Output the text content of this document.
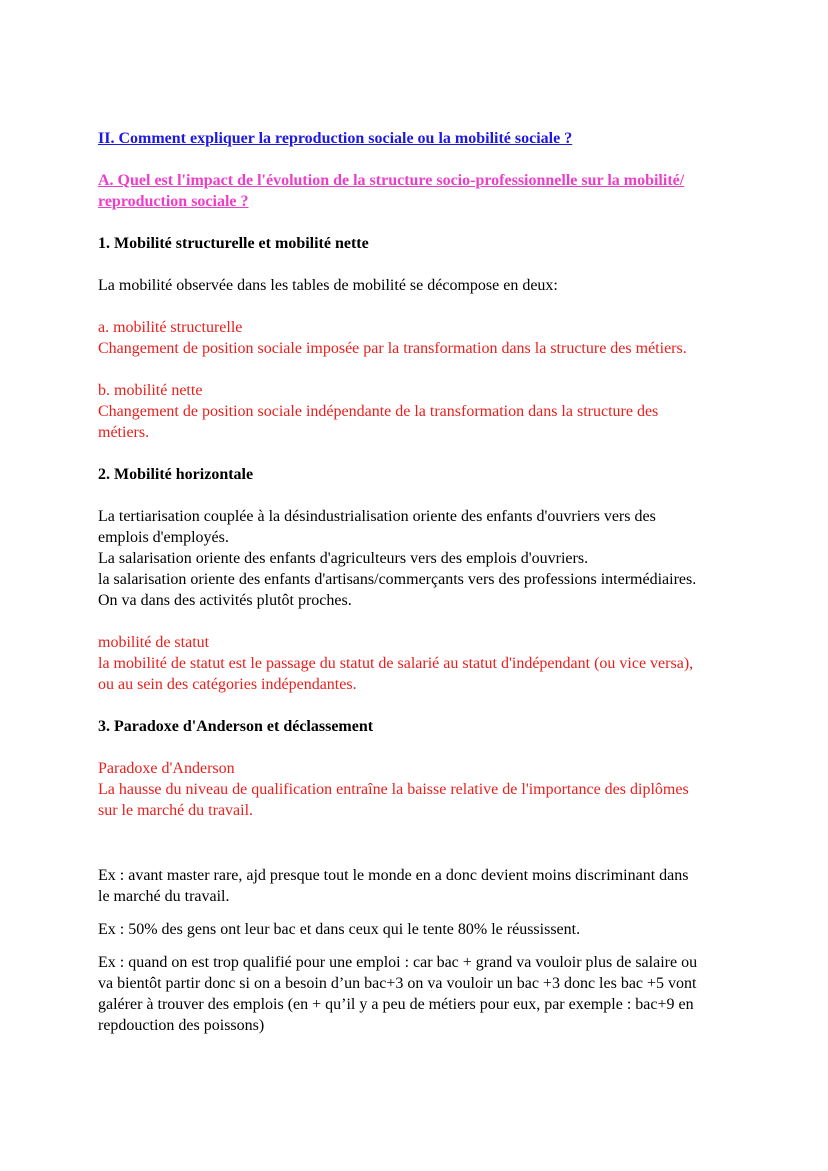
II. Comment expliquer la reproduction sociale ou la mobilité sociale ?

A. Quel est l'impact de l'évolution de la structure socio-professionnelle sur la mobilité/

reproduction sociale ?

1. Mobilité structurelle et mobilité nette

La mobilité observée dans les tables de mobilité se décompose en deux:

a. mobilité structurelle

Changement de position sociale imposée par la transformation dans la structure des métiers.

b. mobilité nette

Changement de position sociale indépendante de la transformation dans la structure des

métiers.

2. Mobilité horizontale

La tertiarisation couplée à la désindustrialisation oriente des enfants d'ouvriers vers des

emplois d'employés.

La salarisation oriente des enfants d'agriculteurs vers des emplois d'ouvriers.

la salarisation oriente des enfants d'artisans/commerçants vers des professions intermédiaires.

On va dans des activités plutôt proches.

mobilité de statut

la mobilité de statut est le passage du statut de salarié au statut d'indépendant (ou vice versa),

ou au sein des catégories indépendantes.

3. Paradoxe d'Anderson et déclassement

Paradoxe d'Anderson

La hausse du niveau de qualification entraîne la baisse relative de l'importance des diplômes

sur le marché du travail.

Ex : avant master rare, ajd presque tout le monde en a donc devient moins discriminant dans

le marché du travail.

Ex : 50% des gens ont leur bac et dans ceux qui le tente 80% le réussissent.

Ex : quand on est trop qualifié pour une emploi : car bac + grand va vouloir plus de salaire ou

va bientôt partir donc si on a besoin d’un bac+3 on va vouloir un bac +3 donc les bac +5 vont

galérer à trouver des emplois (en + qu’il y a peu de métiers pour eux, par exemple : bac+9 en

repdouction des poissons)
